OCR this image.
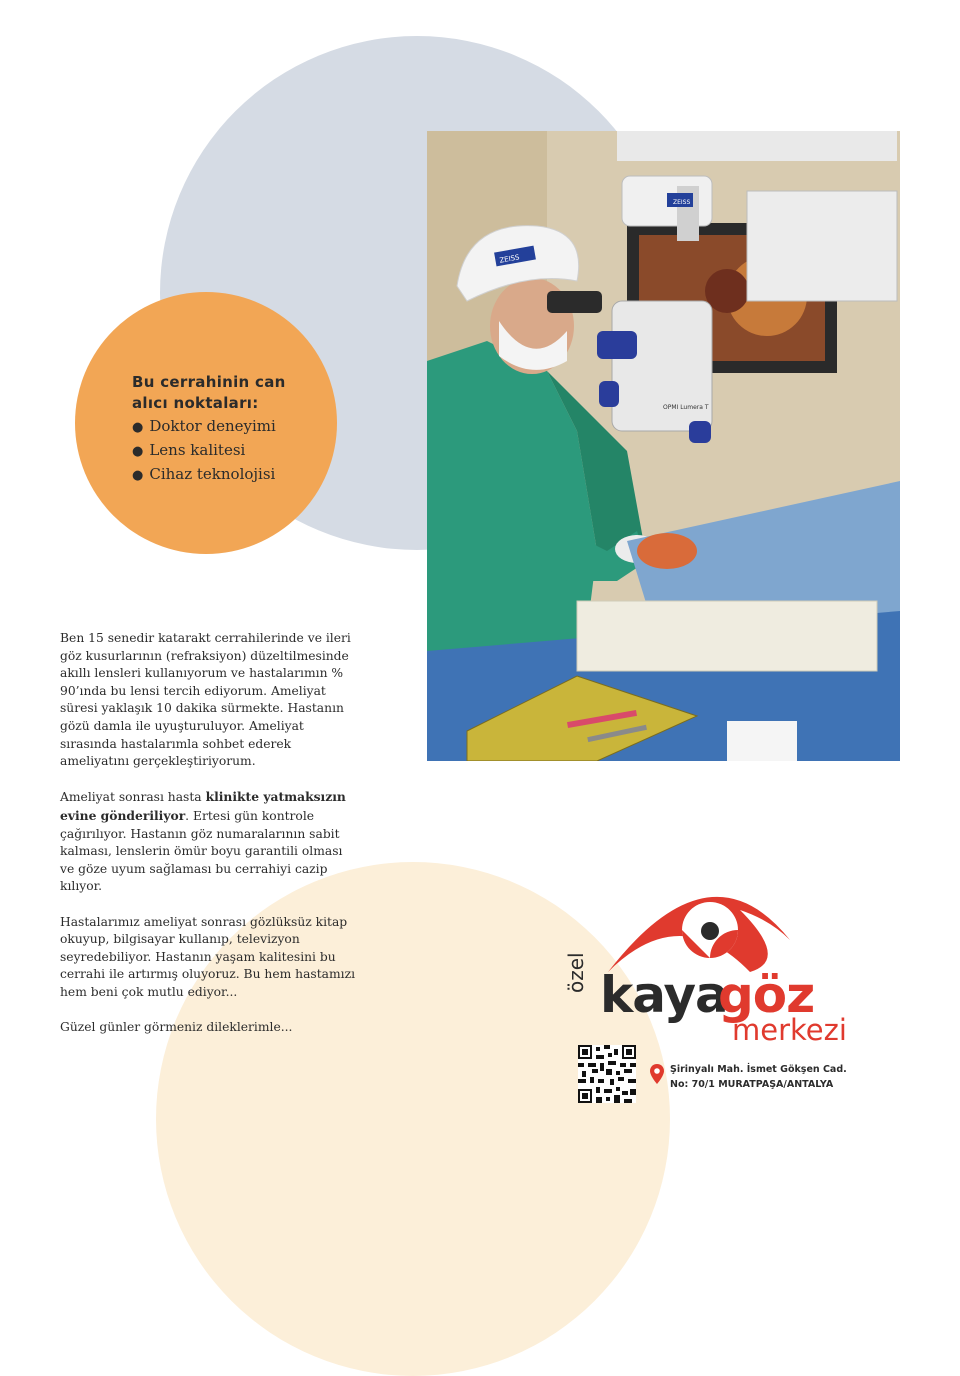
ZEISS
OPMI Lumera T
ZEISS
Bu cerrahinin can
alıcı noktaları:
● Doktor deneyimi
● Lens kalitesi
● Cihaz teknolojisi

Ben 15 senedir katarakt cerrahilerinde ve ileri göz kusurlarının (refraksiyon) düzeltilmesinde akıllı lensleri kullanıyorum ve hastalarımın % 90’ında bu lensi tercih ediyorum. Ameliyat süresi yaklaşık 10 dakika sürmekte. Hastanın gözü damla ile uyuşturuluyor. Ameliyat sırasında hastalarımla sohbet ederek ameliyatını gerçekleştiriyorum.

Ameliyat sonrası hasta klinikte yatmaksızın evine gönderiliyor. Ertesi gün kontrole çağırılıyor. Hastanın göz numaralarının sabit kalması, lenslerin ömür boyu garantili olması ve göze uyum sağlaması bu cerrahiyi cazip kılıyor.

Hastalarımız ameliyat sonrası gözlüksüz kitap okuyup, bilgisayar kullanıp, televizyon seyredebiliyor. Hastanın yaşam kalitesini bu cerrahi ile artırmış oluyoruz. Bu hem hastamızı hem beni çok mutlu ediyor...

Güzel günler görmeniz dileklerimle...

özel kaya
göz
merkezi
Şirinyalı Mah. İsmet Gökşen Cad.
No: 70/1 MURATPAŞA/ANTALYA
